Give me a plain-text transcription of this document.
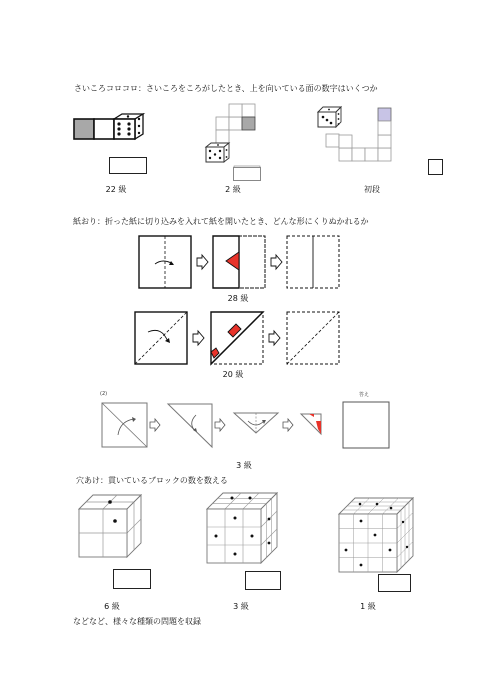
さいころコロコロ：さいころをころがしたとき、上を向いている面の数字はいくつか
22 級	2 級	初段
紙おり：折った紙に切り込みを入れて紙を開いたとき、どんな形にくりぬかれるか
28 級
20 級
(2)	答え
3 級
穴あけ：貫いているブロックの数を数える
6 級	3 級	1 級
などなど、様々な種類の問題を収録
